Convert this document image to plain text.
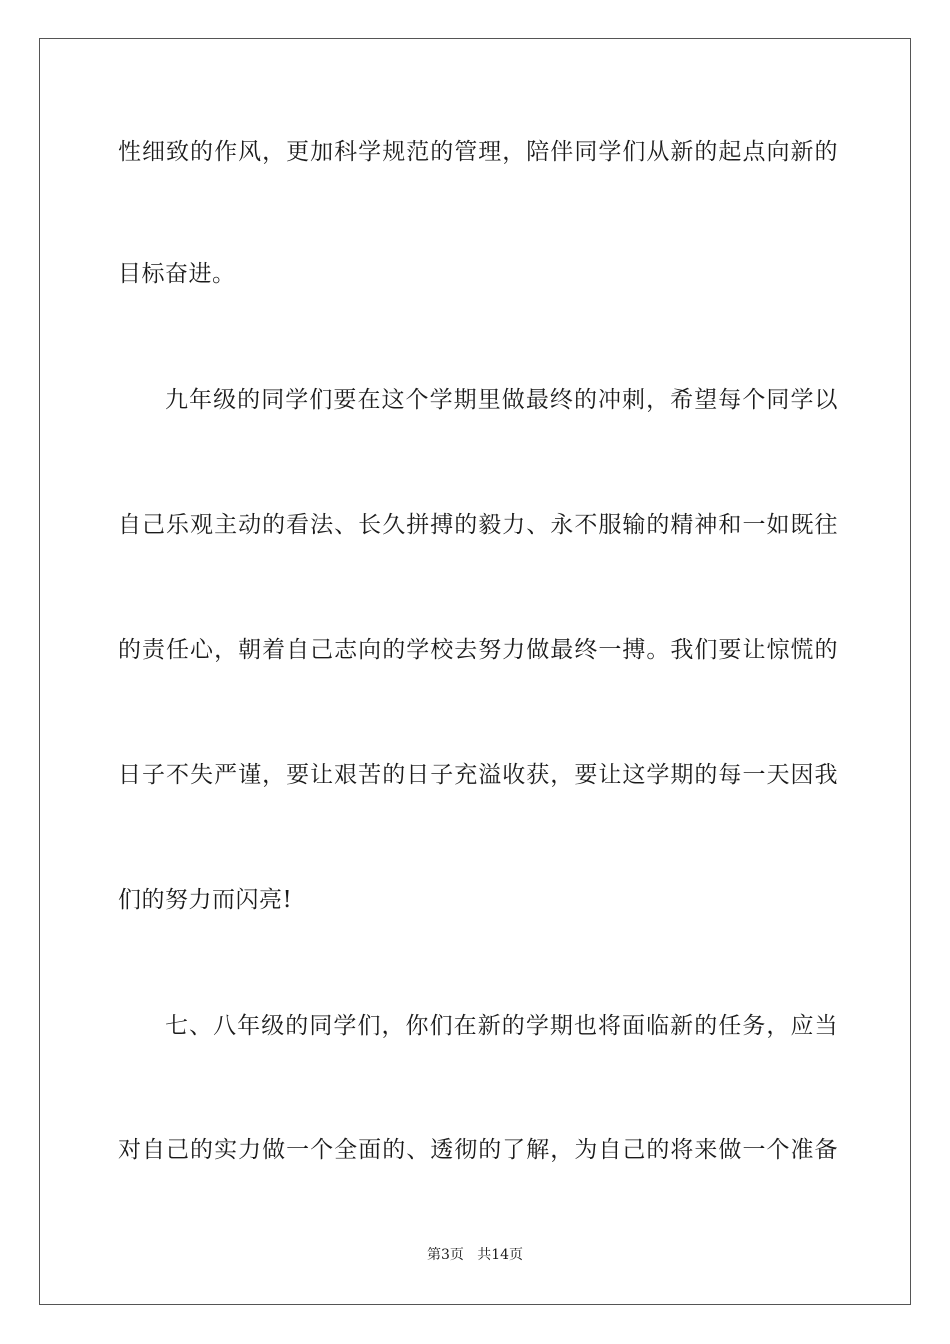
性细致的作风，更加科学规范的管理，陪伴同学们从新的起点向新的
目标奋进。
九年级的同学们要在这个学期里做最终的冲刺，希望每个同学以
自己乐观主动的看法、长久拼搏的毅力、永不服输的精神和一如既往
的责任心，朝着自己志向的学校去努力做最终一搏。我们要让惊慌的
日子不失严谨，要让艰苦的日子充溢收获，要让这学期的每一天因我
们的努力而闪亮!
七、八年级的同学们，你们在新的学期也将面临新的任务，应当
对自己的实力做一个全面的、透彻的了解，为自己的将来做一个准备
第3页   共14页
